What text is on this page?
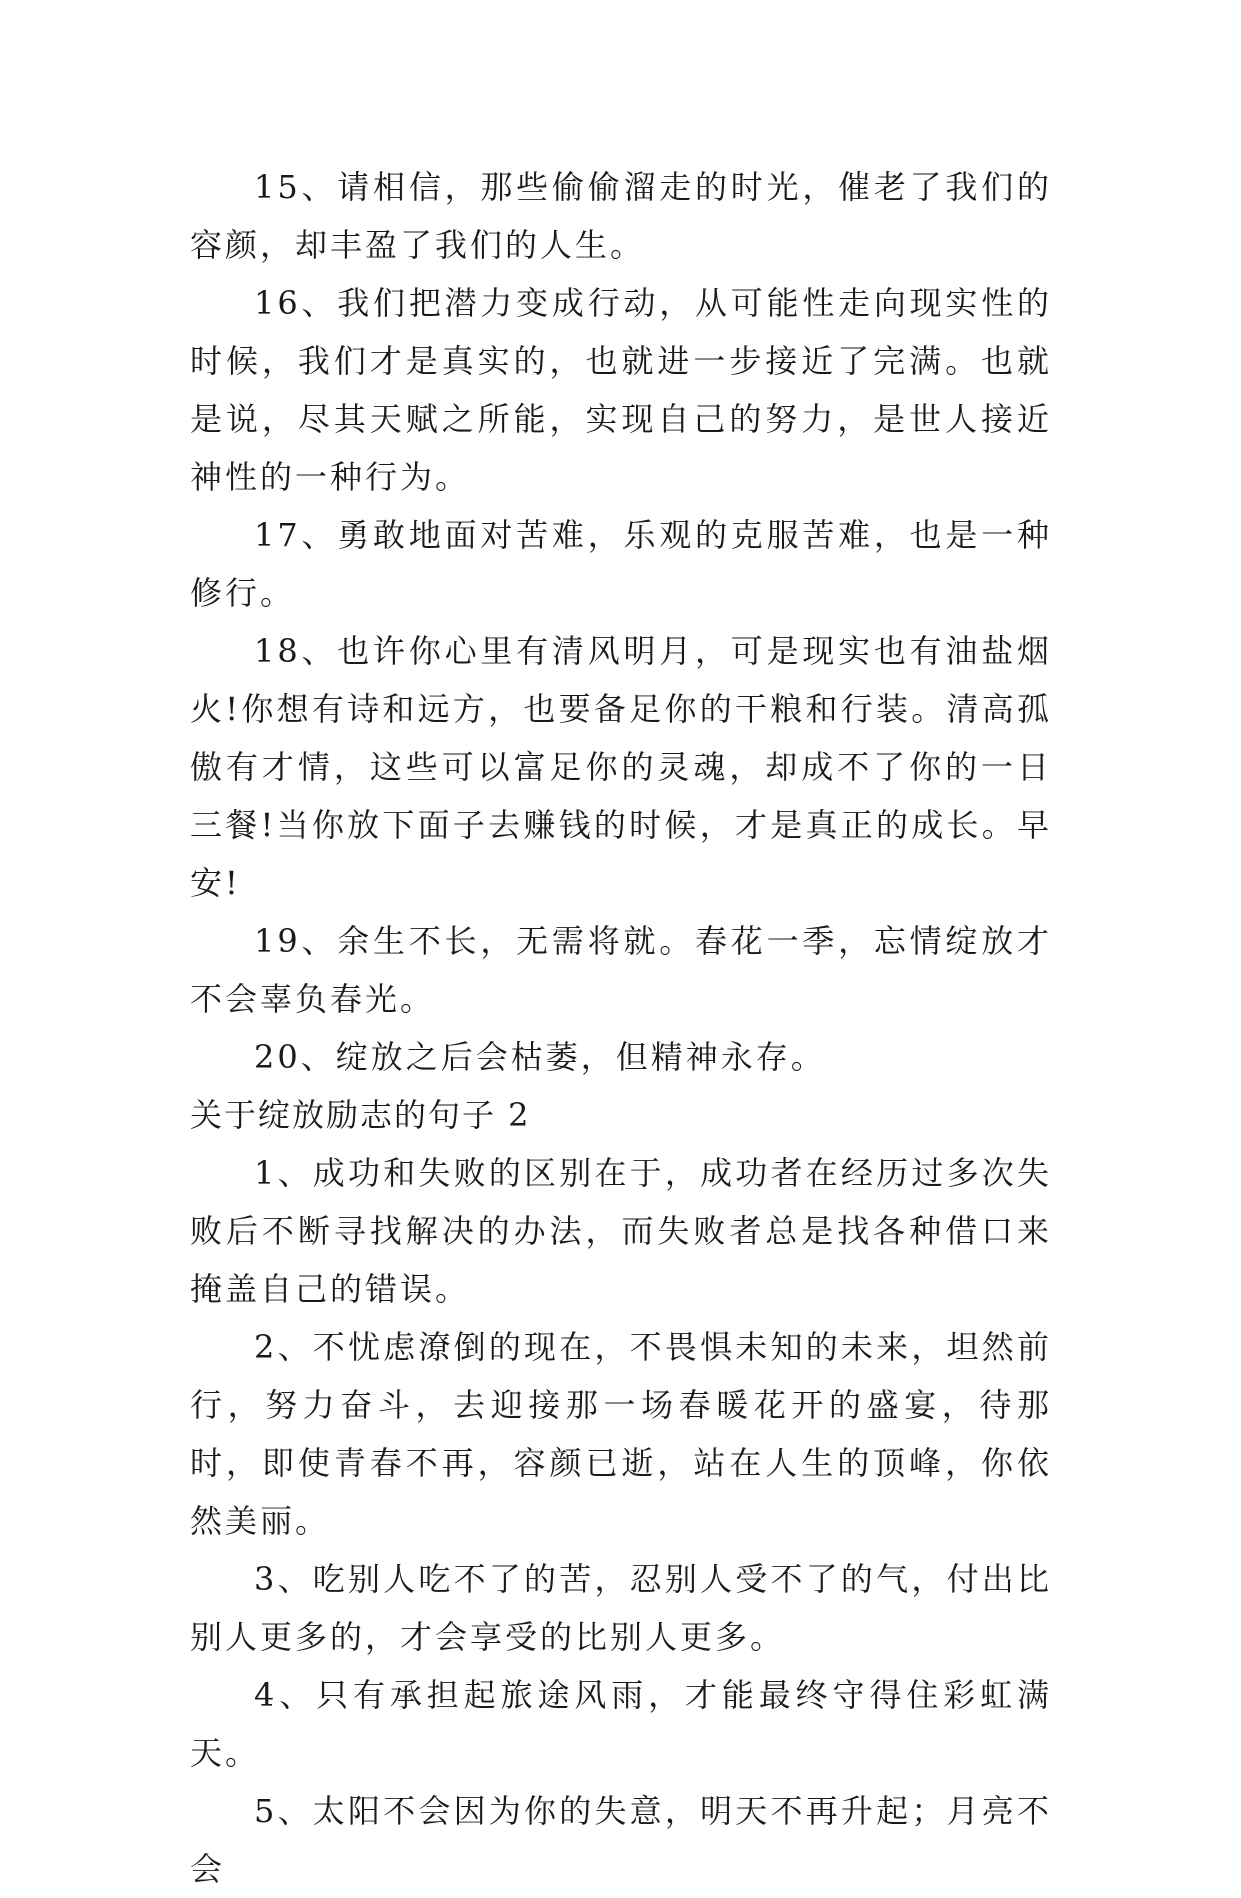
15、请相信，那些偷偷溜走的时光，催老了我们的容颜，却丰盈了我们的人生。

16、我们把潜力变成行动，从可能性走向现实性的时候，我们才是真实的，也就进一步接近了完满。也就是说，尽其天赋之所能，实现自己的努力，是世人接近神性的一种行为。

17、勇敢地面对苦难，乐观的克服苦难，也是一种修行。

18、也许你心里有清风明月，可是现实也有油盐烟火!你想有诗和远方，也要备足你的干粮和行装。清高孤傲有才情，这些可以富足你的灵魂，却成不了你的一日三餐!当你放下面子去赚钱的时候，才是真正的成长。早安!

19、余生不长，无需将就。春花一季，忘情绽放才不会辜负春光。

20、绽放之后会枯萎，但精神永存。

关于绽放励志的句子 2

1、成功和失败的区别在于，成功者在经历过多次失败后不断寻找解决的办法，而失败者总是找各种借口来掩盖自己的错误。

2、不忧虑潦倒的现在，不畏惧未知的未来，坦然前行，努力奋斗，去迎接那一场春暖花开的盛宴，待那时，即使青春不再，容颜已逝，站在人生的顶峰，你依然美丽。

3、吃别人吃不了的苦，忍别人受不了的气，付出比别人更多的，才会享受的比别人更多。

4、只有承担起旅途风雨，才能最终守得住彩虹满天。

5、太阳不会因为你的失意，明天不再升起；月亮不会
